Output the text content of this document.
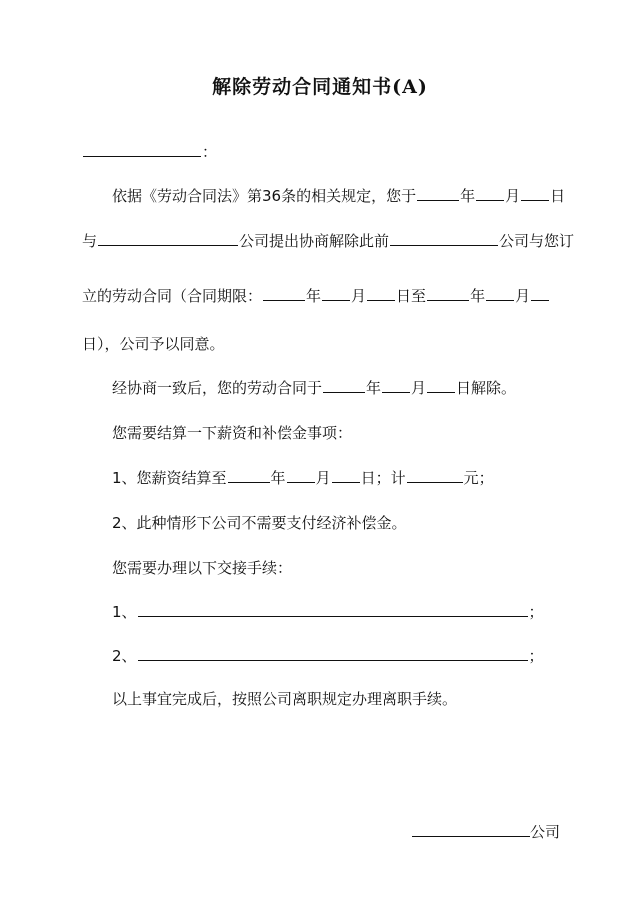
解除劳动合同通知书(A)
：
依据《劳动合同法》第36条的相关规定，您于	年 月 日
与	公司提出协商解除此前	公司与您订
立的劳动合同（合同期限：	年 月 日至	年 月
日），公司予以同意。
经协商一致后，您的劳动合同于	年 月 日解除。
您需要结算一下薪资和补偿金事项：
1、您薪资结算至	年 月 日；计	元；
2、此种情形下公司不需要支付经济补偿金。
您需要办理以下交接手续：
1、	；
2、	；
以上事宜完成后，按照公司离职规定办理离职手续。
公司
